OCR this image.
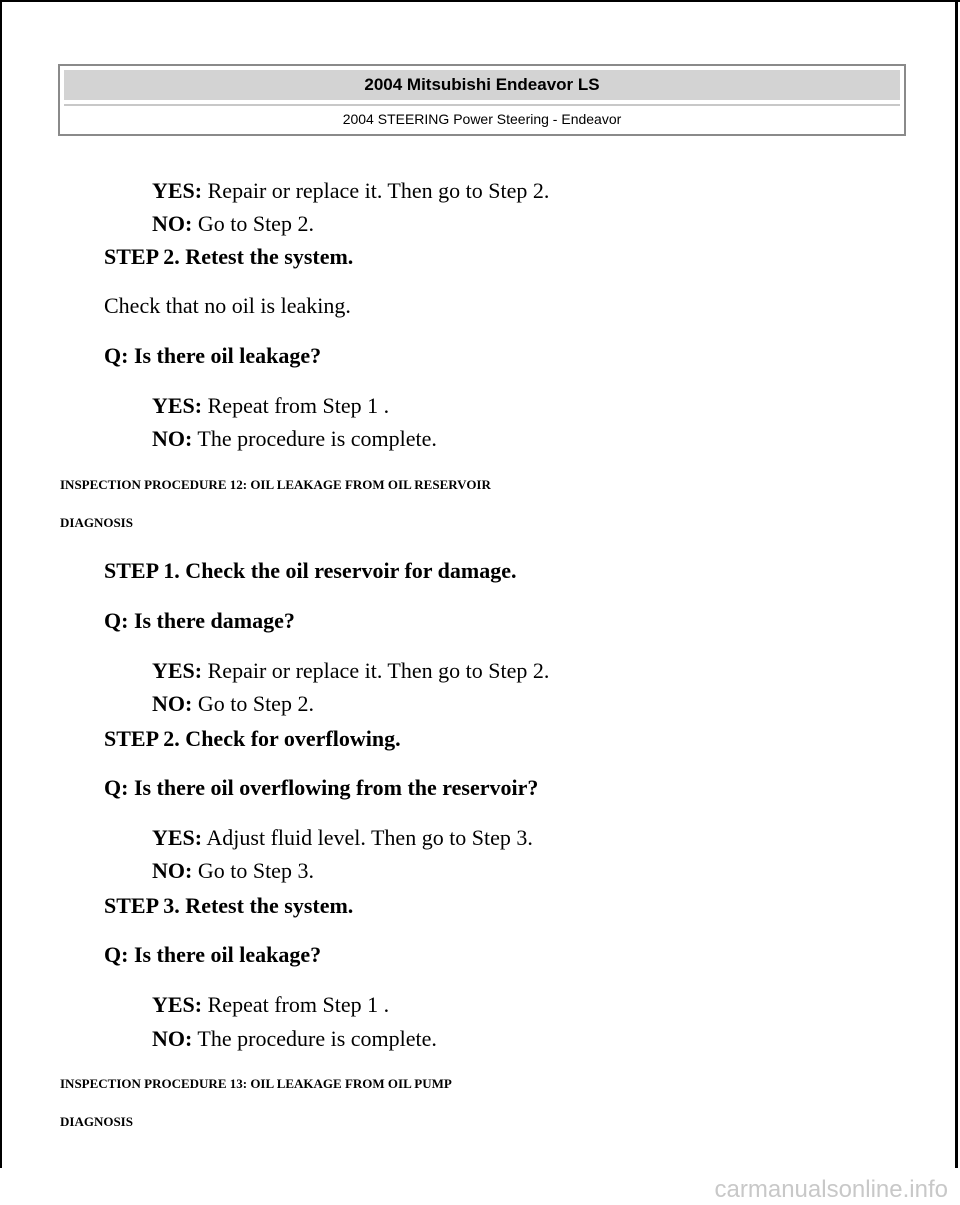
2004 Mitsubishi Endeavor LS
2004 STEERING Power Steering - Endeavor
YES: Repair or replace it. Then go to Step 2.
NO: Go to Step 2.
STEP 2. Retest the system.
Check that no oil is leaking.
Q: Is there oil leakage?
YES: Repeat from Step 1 .
NO: The procedure is complete.
INSPECTION PROCEDURE 12: OIL LEAKAGE FROM OIL RESERVOIR
DIAGNOSIS
STEP 1. Check the oil reservoir for damage.
Q: Is there damage?
YES: Repair or replace it. Then go to Step 2.
NO: Go to Step 2.
STEP 2. Check for overflowing.
Q: Is there oil overflowing from the reservoir?
YES: Adjust fluid level. Then go to Step 3.
NO: Go to Step 3.
STEP 3. Retest the system.
Q: Is there oil leakage?
YES: Repeat from Step 1 .
NO: The procedure is complete.
INSPECTION PROCEDURE 13: OIL LEAKAGE FROM OIL PUMP
DIAGNOSIS
carmanualsonline.info
